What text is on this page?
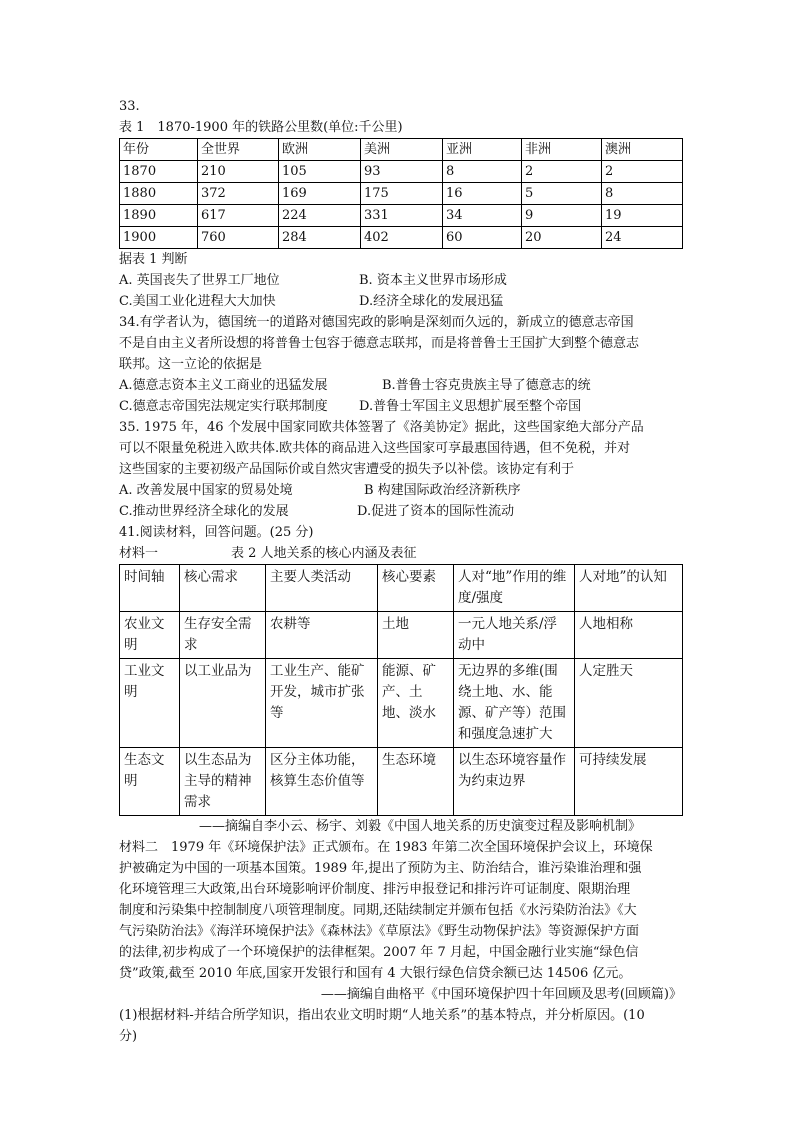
33.
表 1　1870-1900 年的铁路公里数(单位:千公里)
年份	全世界	欧洲	美洲	亚洲	非洲	澳洲
1870	210	105	93	8	2	2
1880	372	169	175	16	5	8
1890	617	224	331	34	9	19
1900	760	284	402	60	20	24
据表 1 判断
A. 英国丧失了世界工厂地位	B. 资本主义世界市场形成
C.美国工业化进程大大加快	D.经济全球化的发展迅猛
34.有学者认为，德国统一的道路对德国宪政的影响是深刻而久远的，新成立的德意志帝国
不是自由主义者所设想的将普鲁士包容于德意志联邦，而是将普鲁士王国扩大到整个德意志
联邦。这一立论的依据是
A.德意志资本主义工商业的迅猛发展	B.普鲁士容克贵族主导了德意志的统
C.德意志帝国宪法规定实行联邦制度	D.普鲁士军国主义思想扩展至整个帝国
35. 1975 年，46 个发展中国家同欧共体签署了《洛美协定》据此，这些国家绝大部分产品
可以不限量免税进入欧共体.欧共体的商品进入这些国家可享最惠国待遇，但不免税，并对
这些国家的主要初级产品国际价或自然灾害遭受的损失予以补偿。该协定有利于
A. 改善发展中国家的贸易处境	B 构建国际政治经济新秩序
C.推动世界经济全球化的发展	D.促进了资本的国际性流动
41.阅读材料，回答问题。(25 分)
材料一	表 2 人地关系的核心内涵及表征
时间轴	核心需求	主要人类活动	核心要素	人对“地”作用的维度/强度	人对地”的认知
农业文明	生存安全需求	农耕等	土地	一元人地关系/浮动中	人地相称
工业文明	以工业品为	工业生产、能矿开发，城市扩张等	能源、矿产、土地、淡水	无边界的多维(围绕土地、水、能源、矿产等）范围和强度急速扩大	人定胜天
生态文明	以生态品为主导的精神需求	区分主体功能，核算生态价值等	生态环境	以生态环境容量作为约束边界	可持续发展
——摘编自李小云、杨宇、刘毅《中国人地关系的历史演变过程及影响机制》
材料二　1979 年《环境保护法》正式颁布。在 1983 年第二次全国环境保护会议上，环境保
护被确定为中国的一项基本国策。1989 年,提出了预防为主、防治结合，谁污染谁治理和强
化环境管理三大政策,出台环境影响评价制度、排污申报登记和排污许可证制度、限期治理
制度和污染集中控制制度八项管理制度。同期,还陆续制定并颁布包括《水污染防治法》《大
气污染防治法》《海洋环境保护法》《森林法》《草原法》《野生动物保护法》等资源保护方面
的法律,初步构成了一个环境保护的法律框架。2007 年 7 月起，中国金融行业实施“绿色信
贷”政策,截至 2010 年底,国家开发银行和国有 4 大银行绿色信贷余额已达 14506 亿元。
——摘编自曲格平《中国环境保护四十年回顾及思考(回顾篇)》
(1)根据材料-并结合所学知识，指出农业文明时期“人地关系”的基本特点，并分析原因。(10
分)
